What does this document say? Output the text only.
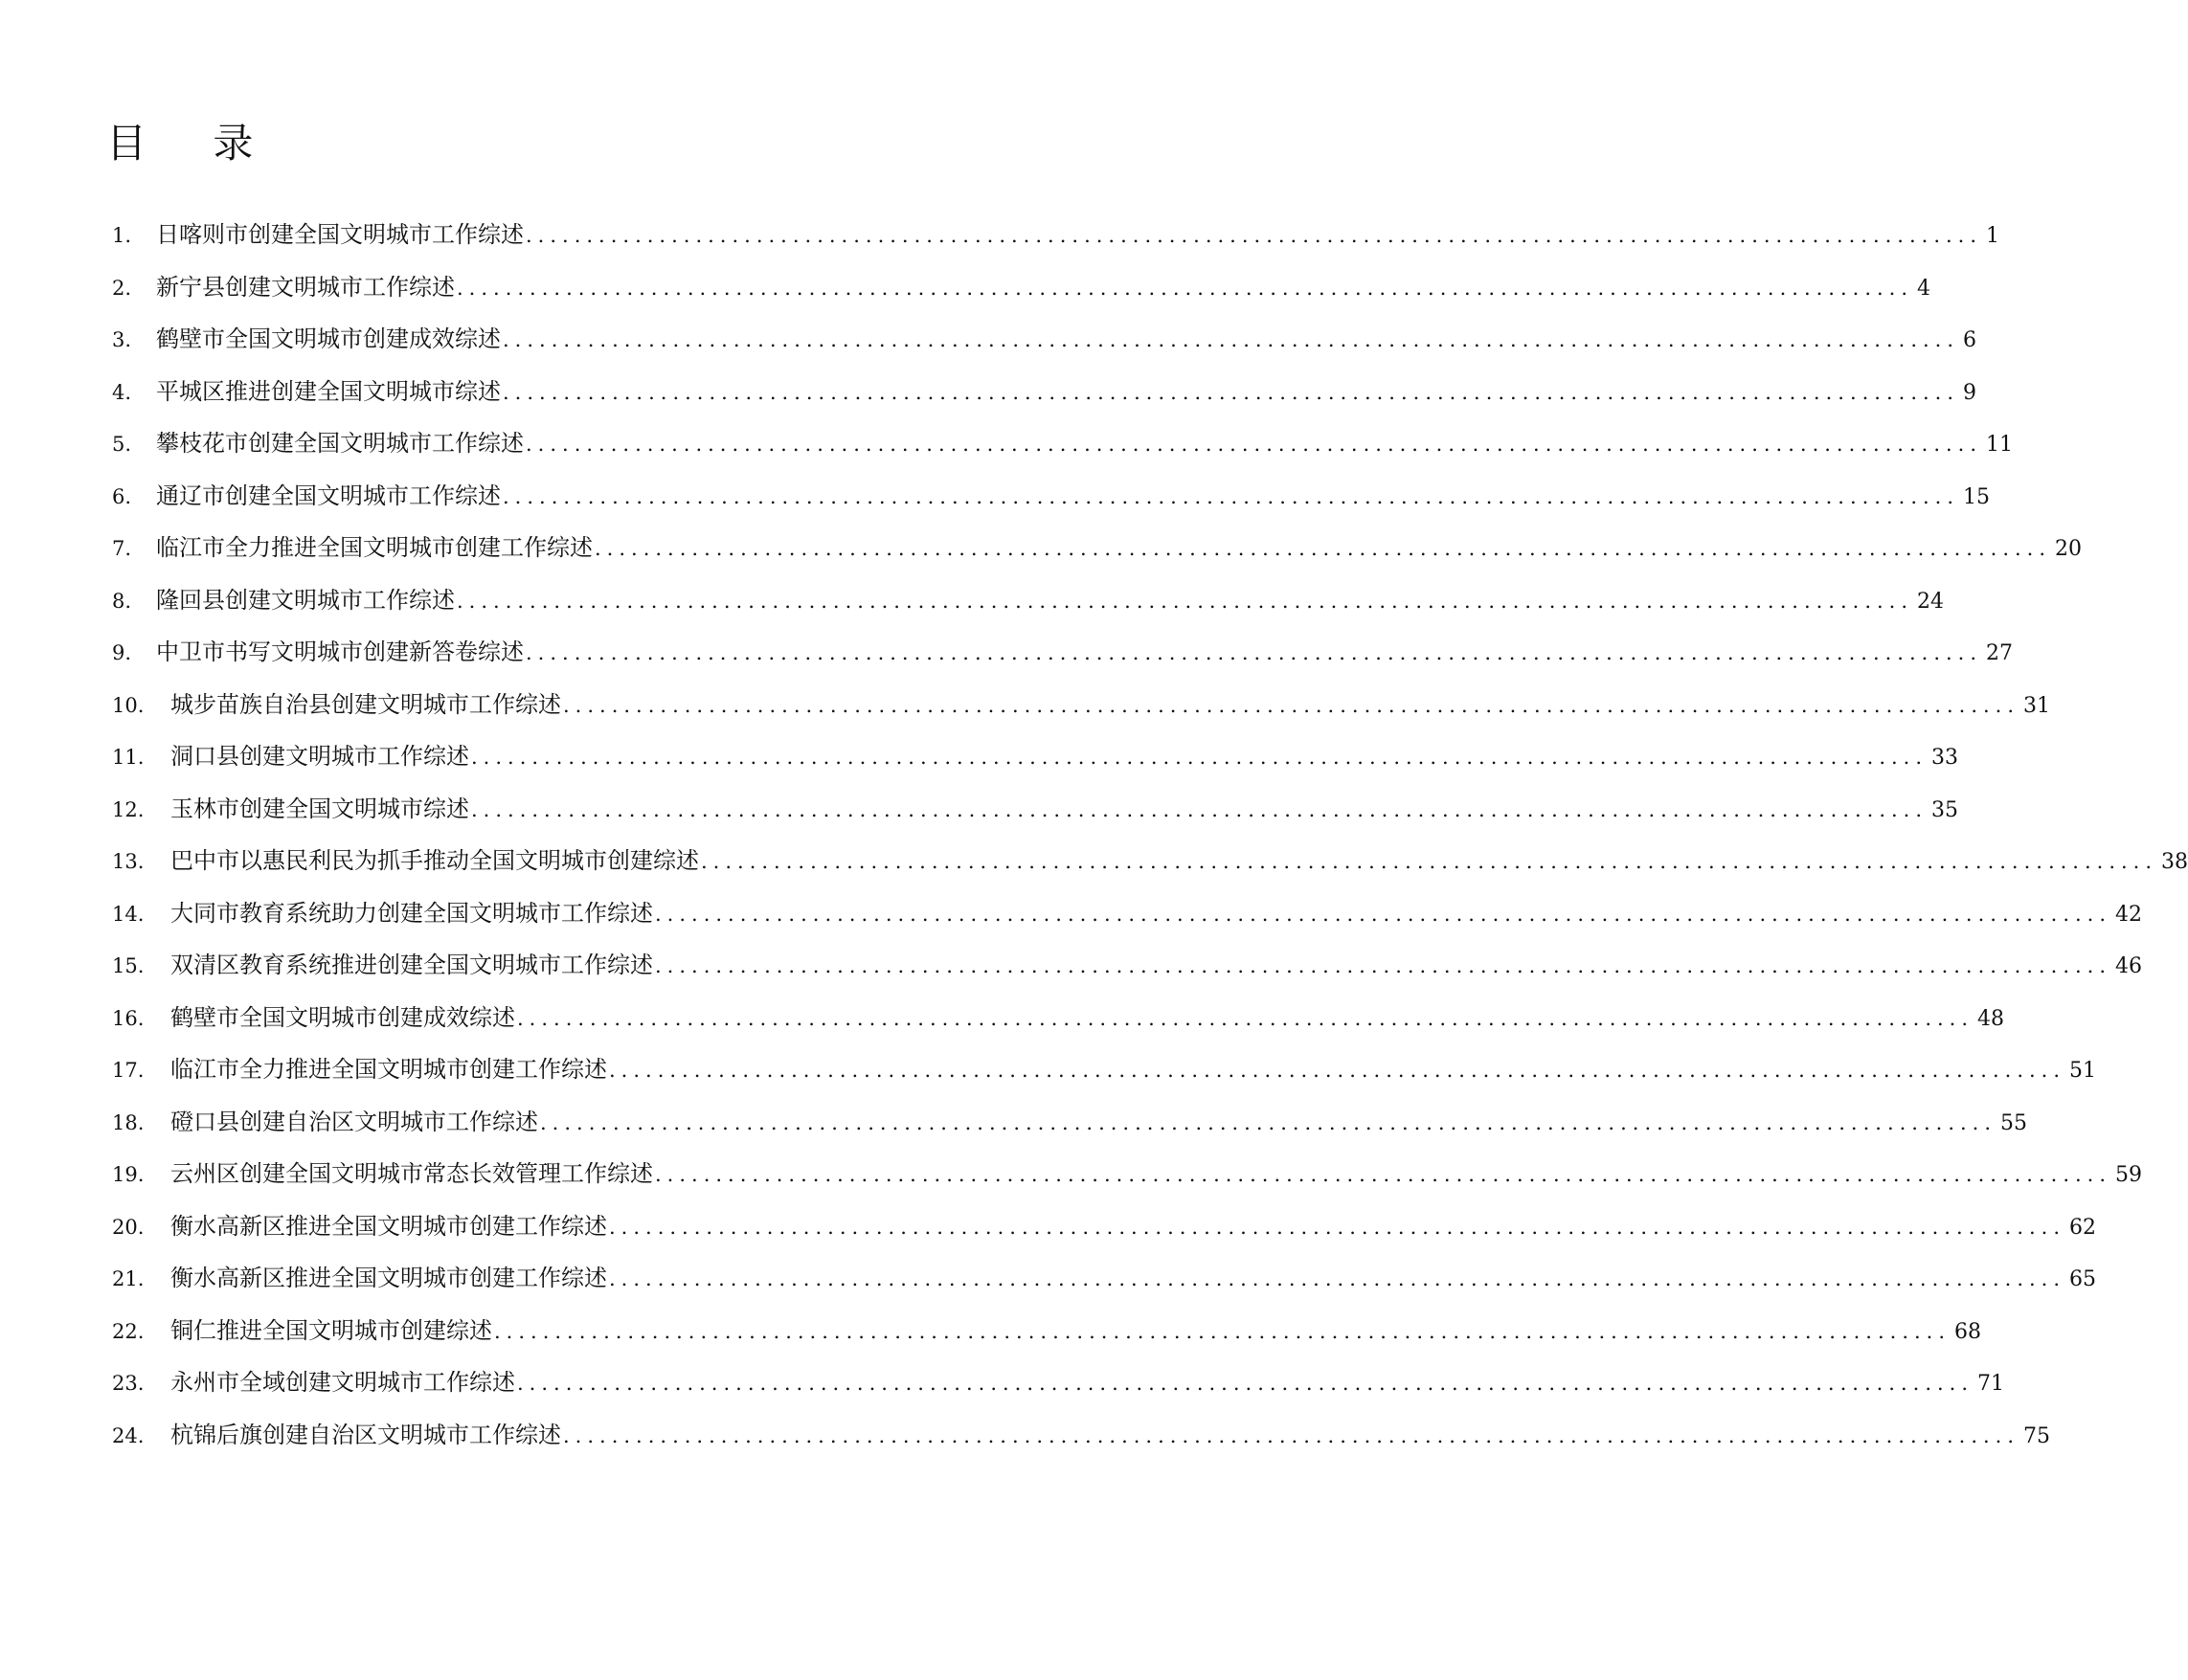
目 录
1.	日喀则市创建全国文明城市工作综述 ........................................................................................................................ 1
2.	新宁县创建文明城市工作综述 ........................................................................................................................ 4
3.	鹤壁市全国文明城市创建成效综述 ........................................................................................................................ 6
4.	平城区推进创建全国文明城市综述 ........................................................................................................................ 9
5.	攀枝花市创建全国文明城市工作综述 ........................................................................................................................ 11
6.	通辽市创建全国文明城市工作综述 ........................................................................................................................ 15
7.	临江市全力推进全国文明城市创建工作综述 ........................................................................................................................ 20
8.	隆回县创建文明城市工作综述 ........................................................................................................................ 24
9.	中卫市书写文明城市创建新答卷综述 ........................................................................................................................ 27
10.	城步苗族自治县创建文明城市工作综述 ........................................................................................................................ 31
11.	洞口县创建文明城市工作综述 ........................................................................................................................ 33
12.	玉林市创建全国文明城市综述 ........................................................................................................................ 35
13.	巴中市以惠民利民为抓手推动全国文明城市创建综述 ........................................................................................................................ 38
14.	大同市教育系统助力创建全国文明城市工作综述 ........................................................................................................................ 42
15.	双清区教育系统推进创建全国文明城市工作综述 ........................................................................................................................ 46
16.	鹤壁市全国文明城市创建成效综述 ........................................................................................................................ 48
17.	临江市全力推进全国文明城市创建工作综述 ........................................................................................................................ 51
18.	磴口县创建自治区文明城市工作综述 ........................................................................................................................ 55
19.	云州区创建全国文明城市常态长效管理工作综述 ........................................................................................................................ 59
20.	衡水高新区推进全国文明城市创建工作综述 ........................................................................................................................ 62
21.	衡水高新区推进全国文明城市创建工作综述 ........................................................................................................................ 65
22.	铜仁推进全国文明城市创建综述 ........................................................................................................................ 68
23.	永州市全域创建文明城市工作综述 ........................................................................................................................ 71
24.	杭锦后旗创建自治区文明城市工作综述 ........................................................................................................................ 75
